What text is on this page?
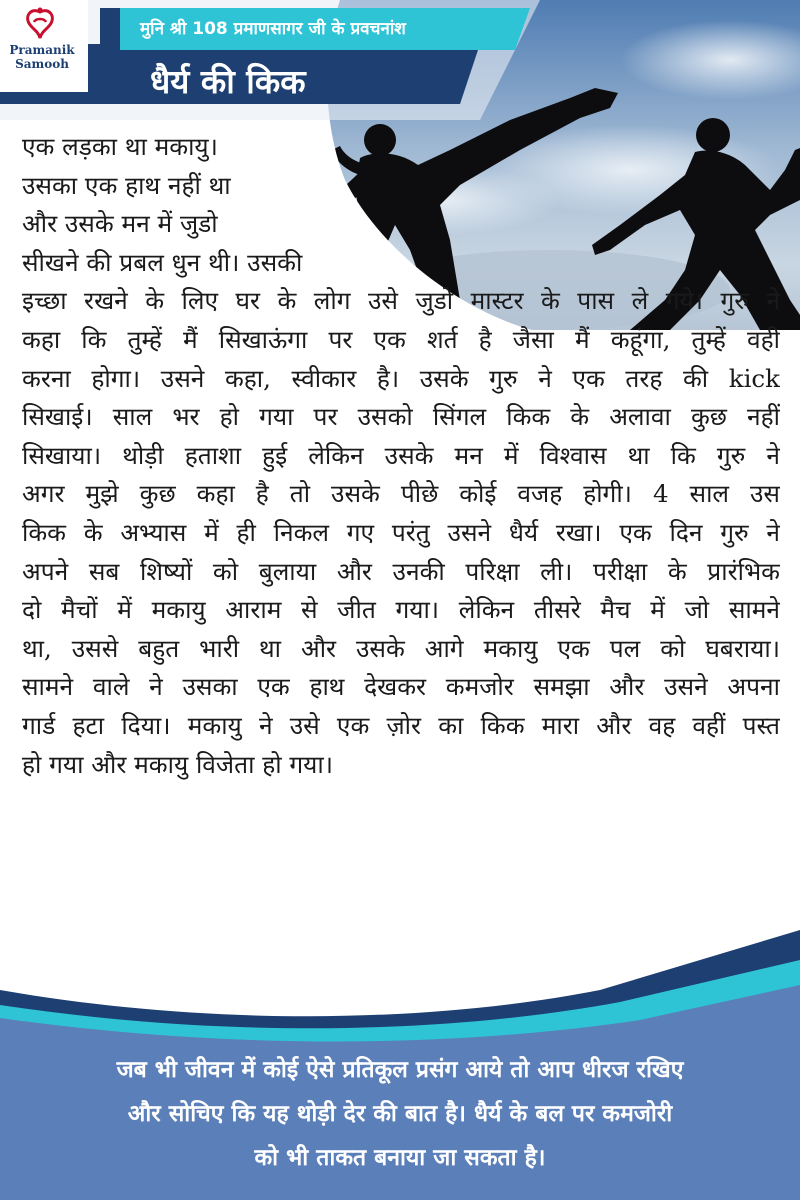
Pramanik
Samooh
मुनि श्री 108 प्रमाणसागर जी के प्रवचनांश
धैर्य की किक
एक लड़का था मकायु।
उसका एक हाथ नहीं था
और उसके मन में जुडो
सीखने की प्रबल धुन थी। उसकी
इच्छा रखने के लिए घर के लोग उसे जुडो मास्टर के पास ले गये। गुरु ने
कहा कि तुम्हें मैं सिखाऊंगा पर एक शर्त है जैसा मैं कहूंगा, तुम्हें वही
करना होगा। उसने कहा, स्वीकार है। उसके गुरु ने एक तरह की kick
सिखाई। साल भर हो गया पर उसको सिंगल किक के अलावा कुछ नहीं
सिखाया। थोड़ी हताशा हुई लेकिन उसके मन में विश्वास था कि गुरु ने
अगर मुझे कुछ कहा है तो उसके पीछे कोई वजह होगी। 4 साल उस
किक के अभ्यास में ही निकल गए परंतु उसने धैर्य रखा। एक दिन गुरु ने
अपने सब शिष्यों को बुलाया और उनकी परिक्षा ली। परीक्षा के प्रारंभिक
दो मैचों में मकायु आराम से जीत गया। लेकिन तीसरे मैच में जो सामने
था, उससे बहुत भारी था और उसके आगे मकायु एक पल को घबराया।
सामने वाले ने उसका एक हाथ देखकर कमजोर समझा और उसने अपना
गार्ड हटा दिया। मकायु ने उसे एक ज़ोर का किक मारा और वह वहीं पस्त
हो गया और मकायु विजेता हो गया।
जब भी जीवन में कोई ऐसे प्रतिकूल प्रसंग आये तो आप धीरज रखिए
और सोचिए कि यह थोड़ी देर की बात है। धैर्य के बल पर कमजोरी
को भी ताकत बनाया जा सकता है।
